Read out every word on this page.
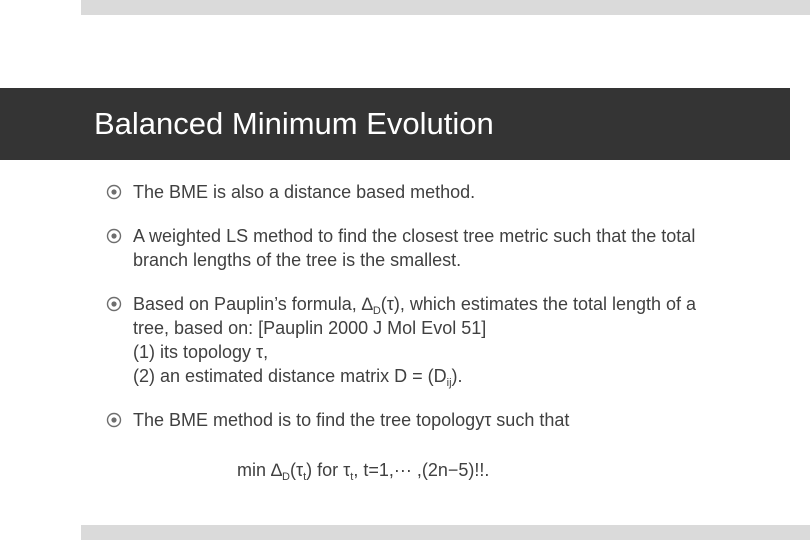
Balanced Minimum Evolution
The BME is also a distance based method.
A weighted LS method to find the closest tree metric such that the total
branch lengths of the tree is the smallest.
Based on Pauplin’s formula, $\Delta_D(\tau)$, which estimates the total length of a
tree, based on: [Pauplin 2000 J Mol Evol 51]
(1) its topology τ,
(2) an estimated distance matrix $D = (D_{ij})$.
The BME method is to find the tree topologyτ such that
$\min \Delta_D(\tau_t)$ for $\tau_t$, t=1,··· ,(2n−5)!!.
